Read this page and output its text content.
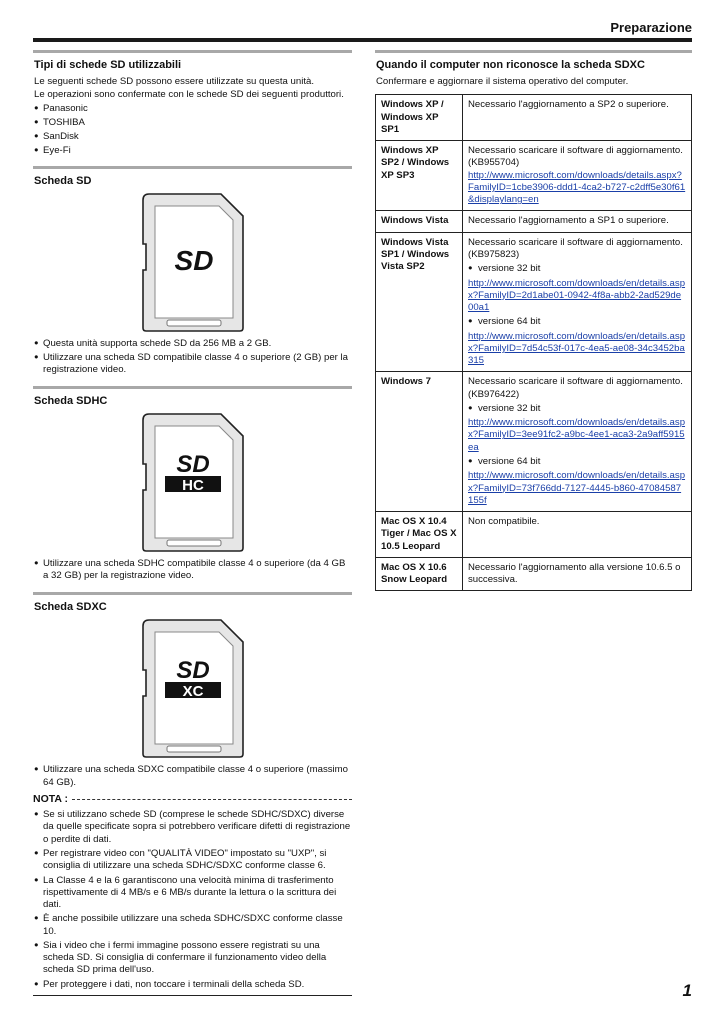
Preparazione
Tipi di schede SD utilizzabili

Le seguenti schede SD possono essere utilizzate su questa unità.

Le operazioni sono confermate con le schede SD dei seguenti produttori.

● Panasonic
● TOSHIBA
● SanDisk
● Eye-Fi
Scheda SD
SD
● Questa unità supporta schede SD da 256 MB a 2 GB.
● Utilizzare una scheda SD compatibile classe 4 o superiore (2 GB) per la registrazione video.
Scheda SDHC
SD HC
● Utilizzare una scheda SDHC compatibile classe 4 o superiore (da 4 GB a 32 GB) per la registrazione video.
Scheda SDXC
SD XC
● Utilizzare una scheda SDXC compatibile classe 4 o superiore (massimo 64 GB).
NOTA :
● Se si utilizzano schede SD (comprese le schede SDHC/SDXC) diverse da quelle specificate sopra si potrebbero verificare difetti di registrazione o perdite di dati.
● Per registrare video con "QUALITÀ VIDEO" impostato su "UXP", si consiglia di utilizzare una scheda SDHC/SDXC conforme classe 6.
● La Classe 4 e la 6 garantiscono una velocità minima di trasferimento rispettivamente di 4 MB/s e 6 MB/s durante la lettura o la scrittura dei dati.
● È anche possibile utilizzare una scheda SDHC/SDXC conforme classe 10.
● Sia i video che i fermi immagine possono essere registrati su una scheda SD. Si consiglia di confermare il funzionamento video della scheda SD prima dell'uso.
● Per proteggere i dati, non toccare i terminali della scheda SD.
Quando il computer non riconosce la scheda SDXC

Confermare e aggiornare il sistema operativo del computer.

Windows XP / Windows XP SP1	Necessario l'aggiornamento a SP2 o superiore.
Windows XP SP2 / Windows XP SP3	Necessario scaricare il software di aggiornamento. (KB955704)
http://www.microsoft.com/downloads/details.aspx?FamilyID=1cbe3906-ddd1-4ca2-b727-c2dff5e30f61&displaylang=en
Windows Vista	Necessario l'aggiornamento a SP1 o superiore.
Windows Vista SP1 / Windows Vista SP2	Necessario scaricare il software di aggiornamento. (KB975823)
● versione 32 bit
http://www.microsoft.com/downloads/en/details.aspx?FamilyID=2d1abe01-0942-4f8a-abb2-2ad529de00a1
● versione 64 bit
http://www.microsoft.com/downloads/en/details.aspx?FamilyID=7d54c53f-017c-4ea5-ae08-34c3452ba315
Windows 7	Necessario scaricare il software di aggiornamento. (KB976422)
● versione 32 bit
http://www.microsoft.com/downloads/en/details.aspx?FamilyID=3ee91fc2-a9bc-4ee1-aca3-2a9aff5915ea
● versione 64 bit
http://www.microsoft.com/downloads/en/details.aspx?FamilyID=73f766dd-7127-4445-b860-47084587155f
Mac OS X 10.4 Tiger / Mac OS X 10.5 Leopard	Non compatibile.
Mac OS X 10.6 Snow Leopard	Necessario l'aggiornamento alla versione 10.6.5 o successiva.
1
